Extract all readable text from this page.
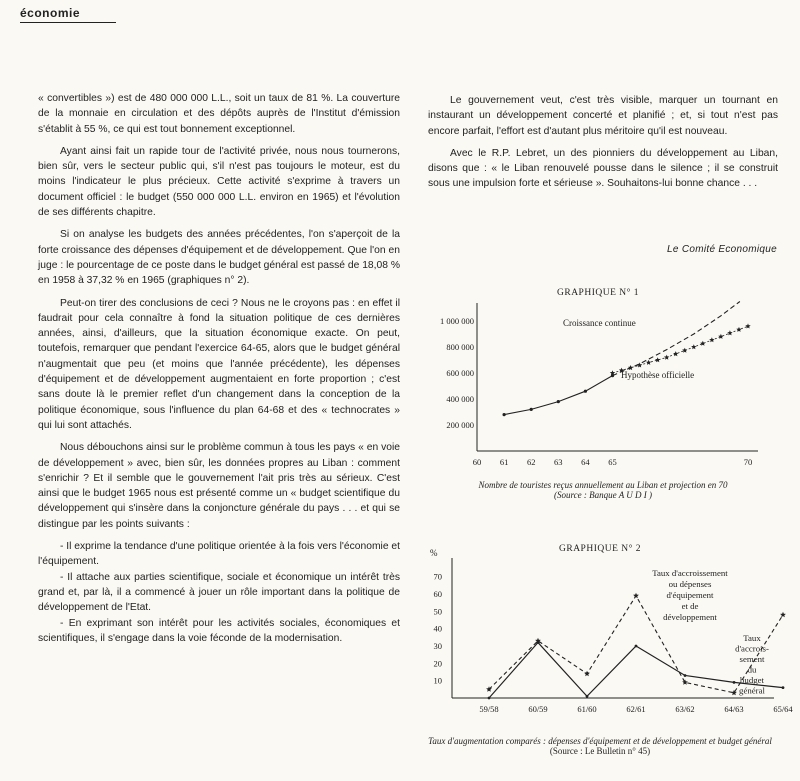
économie

« convertibles ») est de 480 000 000 L.L., soit un taux de 81 %. La couverture de la monnaie en circulation et des dépôts auprès de l'Institut d'émission s'établit à 55 %, ce qui est tout bonnement exceptionnel.

Ayant ainsi fait un rapide tour de l'activité privée, nous nous tournerons, bien sûr, vers le secteur public qui, s'il n'est pas toujours le moteur, est du moins l'indicateur le plus précieux. Cette activité s'exprime à travers un document officiel : le budget (550 000 000 L.L. environ en 1965) et l'évolution de ses différents chapitre.

Si on analyse les budgets des années précédentes, l'on s'aperçoit de la forte croissance des dépenses d'équipement et de développement. Que l'on en juge : le pourcentage de ce poste dans le budget général est passé de 18,08 % en 1958 à 37,32 % en 1965 (graphiques n° 2).

Peut-on tirer des conclusions de ceci ? Nous ne le croyons pas : en effet il faudrait pour cela connaître à fond la situation politique de ces dernières années, ainsi, d'ailleurs, que la situation économique exacte. On peut, toutefois, remarquer que pendant l'exercice 64-65, alors que le budget général n'augmentait que peu (et moins que l'année précédente), les dépenses d'équipement et de développement augmentaient en forte proportion ; c'est sans doute là le premier reflet d'un changement dans la conception de la politique économique, sous l'influence du plan 64-68 et des « technocrates » qui lui sont attachés.

Nous débouchons ainsi sur le problème commun à tous les pays « en voie de développement » avec, bien sûr, les données propres au Liban : comment s'enrichir ? Et il semble que le gouvernement l'ait pris très au sérieux. C'est ainsi que le budget 1965 nous est présenté comme un « budget scientifique du développement qui s'insère dans la conjoncture générale du pays . . . et qui se distingue par les points suivants :

- Il exprime la tendance d'une politique orientée à la fois vers l'économie et l'équipement.

- Il attache aux parties scientifique, sociale et économique un intérêt très grand et, par là, il a commencé à jouer un rôle important dans la politique de développement de l'Etat.

- En exprimant son intérêt pour les activités sociales, économiques et scientifiques, il s'engage dans la voie féconde de la modernisation.

Le gouvernement veut, c'est très visible, marquer un tournant en instaurant un développement concerté et planifié ; et, si tout n'est pas encore parfait, l'effort est d'autant plus méritoire qu'il est nouveau.

Avec le R.P. Lebret, un des pionniers du développement au Liban, disons que : « le Liban renouvelé pousse dans le silence ; il se construit sous une impulsion forte et sérieuse ». Souhaitons-lui bonne chance . . .

Le Comité Economique
GRAPHIQUE N° 1
200 000
400 000
600 000
800 000
1 000 000
60 61 62 63 64 65	70
Croissance continue
Hypothèse officielle
Nombre de touristes reçus annuellement au Liban et projection en 70
(Source : Banque A U D I )
GRAPHIQUE N° 2
%
10
20
30
40
50
60
70
59/58	60/59	61/60	62/61	63/62	64/63	65/64
Taux d'accroissement
ou dépenses
d'équipement
et de
développement
Taux
d'accrois-
sement
du
budget
général
Taux d'augmentation comparés : dépenses d'équipement et de développement et budget général (Source : Le Bulletin n° 45)
